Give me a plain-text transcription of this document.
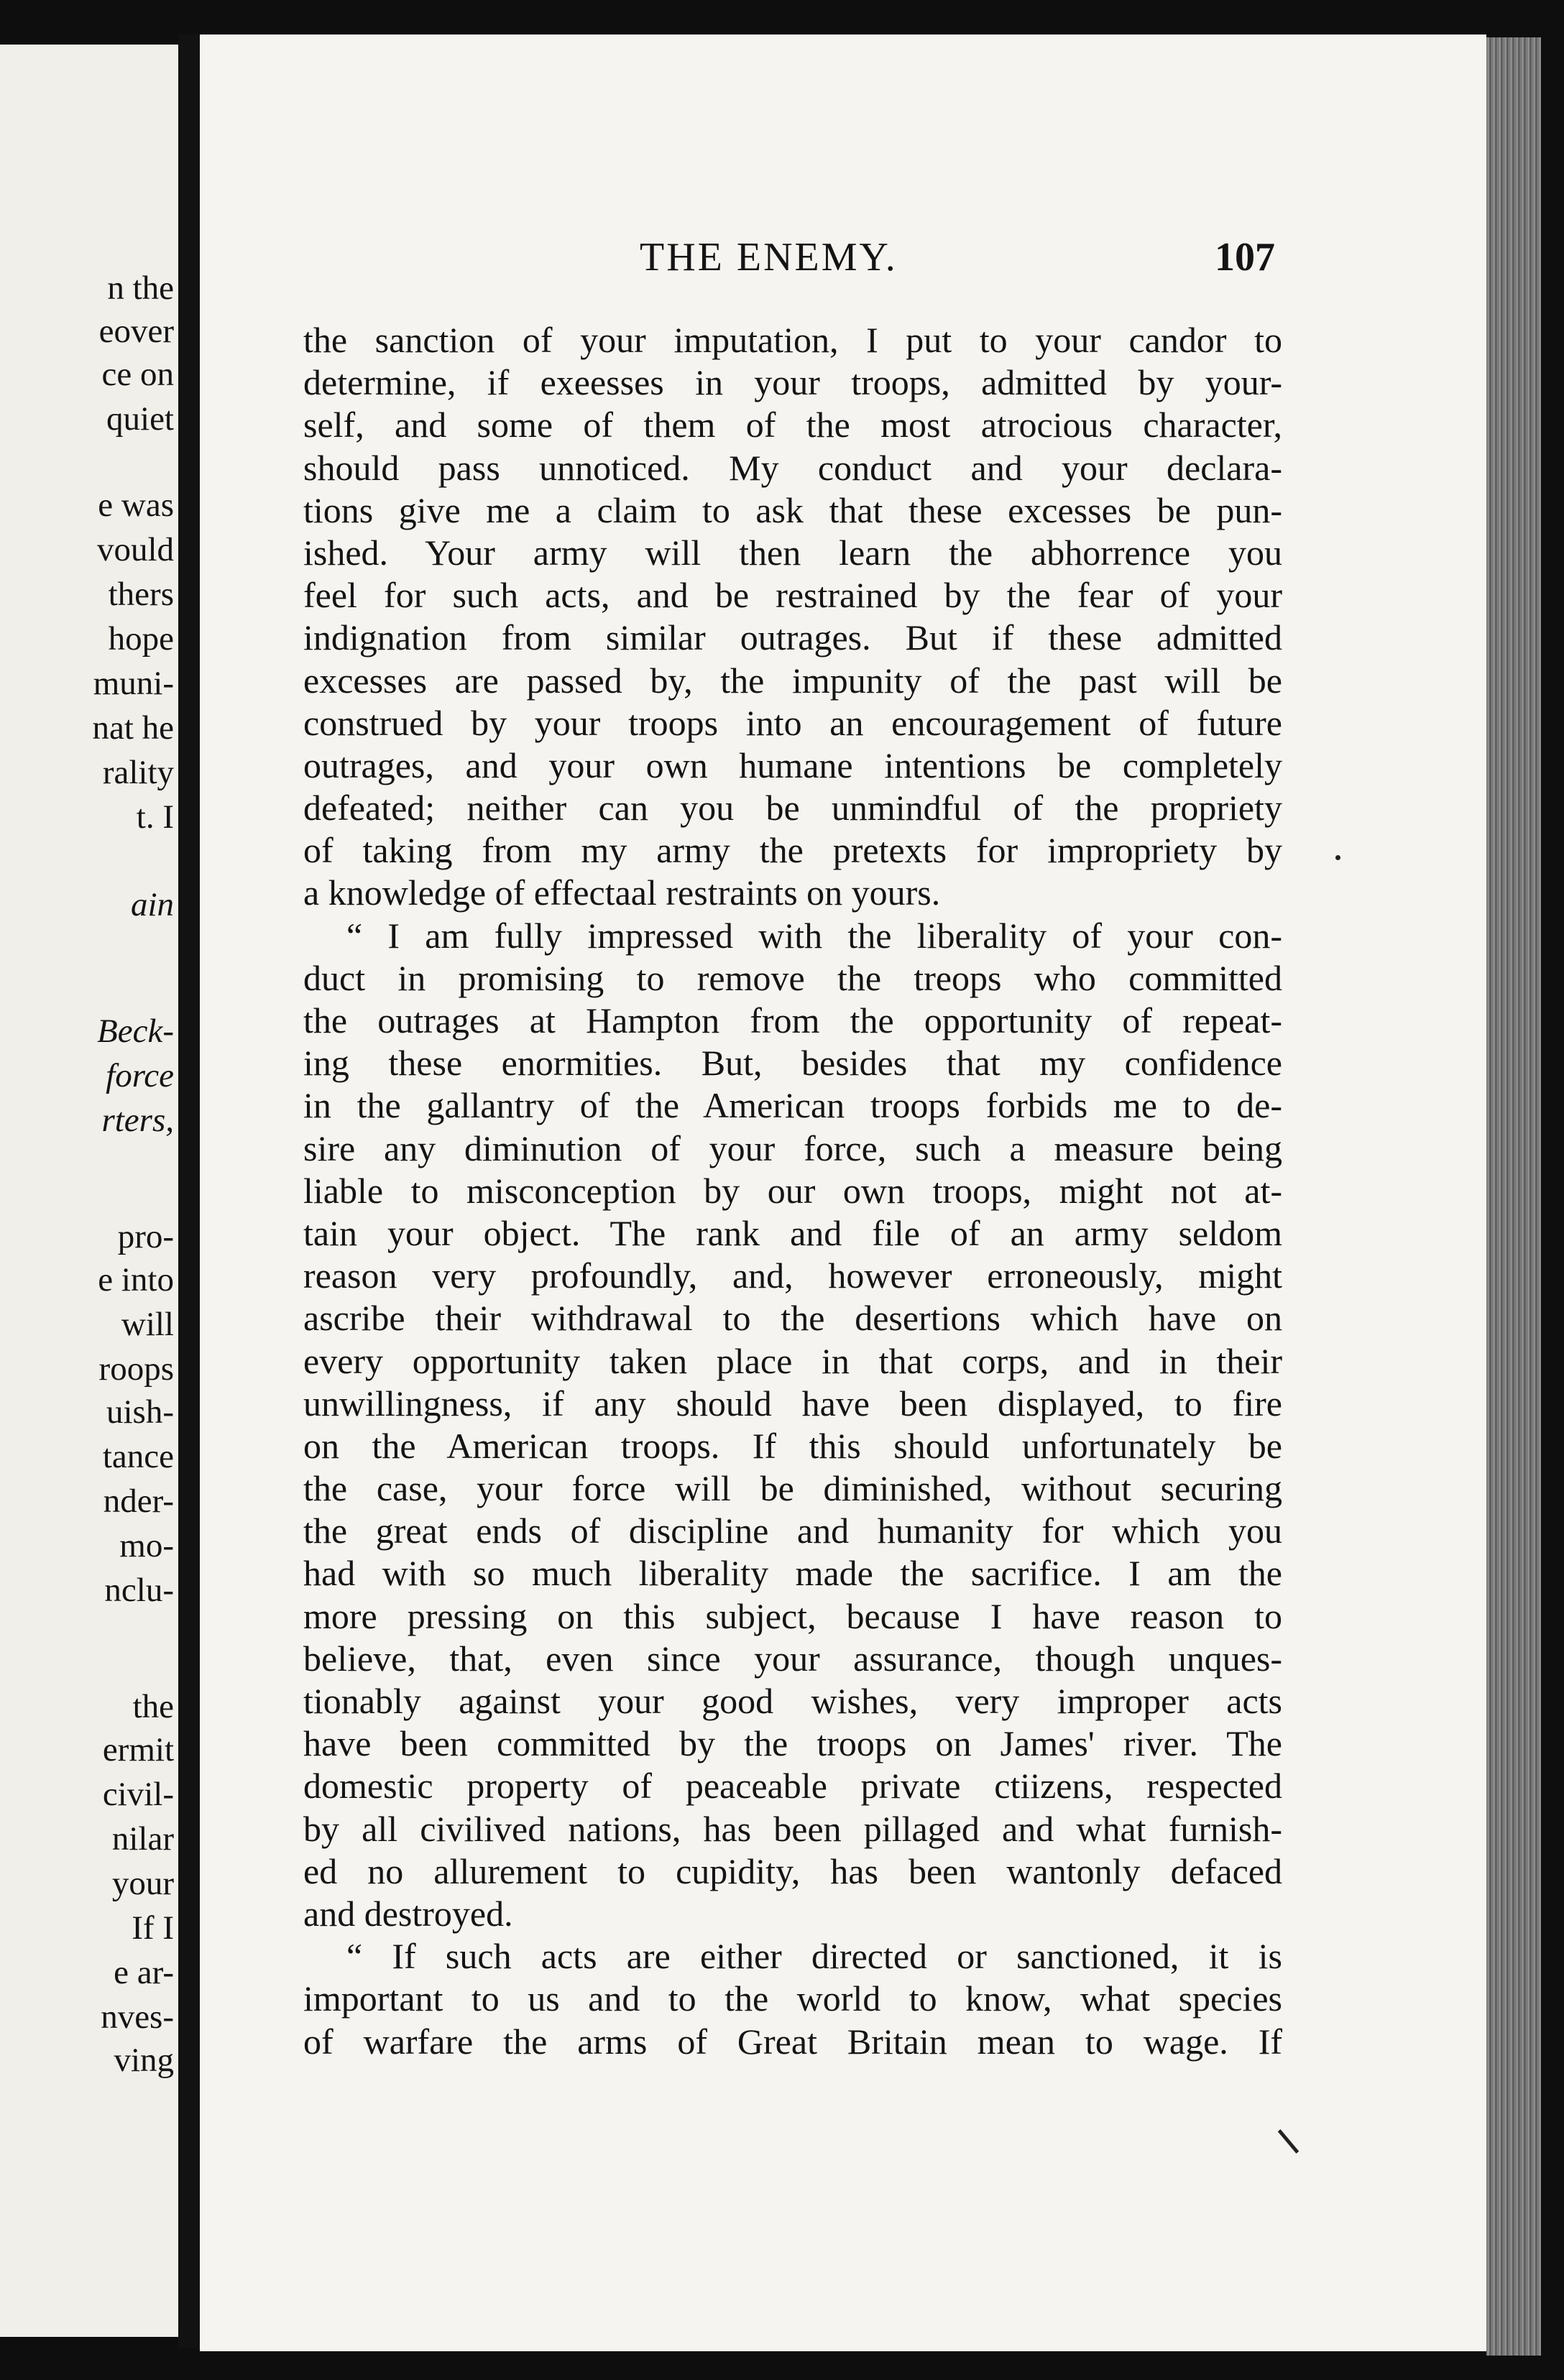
n the
eover
ce on
quiet
e was
vould
thers
hope
muni-
nat he
rality
t. I
ain
Beck-
force
rters,
pro-
e into
will
roops
uish-
tance
nder-
mo-
nclu-
the
ermit
civil-
nilar
your
If I
e ar-
nves-
ving
THE ENEMY.	107
the sanction of your imputation, I put to your candor to
determine, if exeesses in your troops, admitted by your-
self, and some of them of the most atrocious character,
should pass unnoticed. My conduct and your declara-
tions give me a claim to ask that these excesses be pun-
ished. Your army will then learn the abhorrence you
feel for such acts, and be restrained by the fear of your
indignation from similar outrages. But if these admitted
excesses are passed by, the impunity of the past will be
construed by your troops into an encouragement of future
outrages, and your own humane intentions be completely
defeated; neither can you be unmindful of the propriety
of taking from my army the pretexts for impropriety by
a knowledge of effectaal restraints on yours.
“ I am fully impressed with the liberality of your con-
duct in promising to remove the treops who committed
the outrages at Hampton from the opportunity of repeat-
ing these enormities. But, besides that my confidence
in the gallantry of the American troops forbids me to de-
sire any diminution of your force, such a measure being
liable to misconception by our own troops, might not at-
tain your object. The rank and file of an army seldom
reason very profoundly, and, however erroneously, might
ascribe their withdrawal to the desertions which have on
every opportunity taken place in that corps, and in their
unwillingness, if any should have been displayed, to fire
on the American troops. If this should unfortunately be
the case, your force will be diminished, without securing
the great ends of discipline and humanity for which you
had with so much liberality made the sacrifice. I am the
more pressing on this subject, because I have reason to
believe, that, even since your assurance, though unques-
tionably against your good wishes, very improper acts
have been committed by the troops on James' river. The
domestic property of peaceable private ctiizens, respected
by all civilived nations, has been pillaged and what furnish-
ed no allurement to cupidity, has been wantonly defaced
and destroyed.
“ If such acts are either directed or sanctioned, it is
important to us and to the world to know, what species
of warfare the arms of Great Britain mean to wage. If
